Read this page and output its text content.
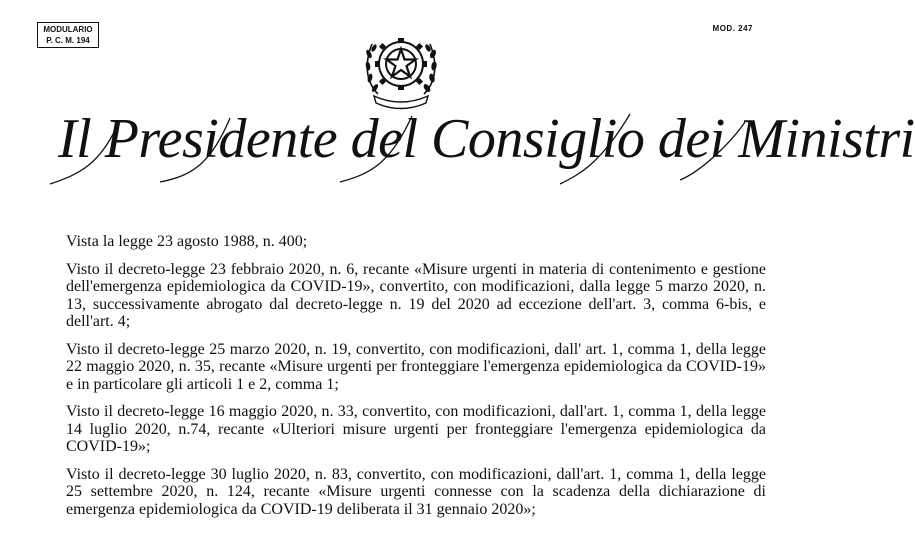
MODULARIO
P. C. M. 194
MOD. 247
Il Presidente del Consiglio dei Ministri

Vista la legge 23 agosto 1988, n. 400;

Visto il decreto-legge 23 febbraio 2020, n. 6, recante «Misure urgenti in materia di contenimento e gestione dell'emergenza epidemiologica da COVID-19», convertito, con modificazioni, dalla legge 5 marzo 2020, n. 13, successivamente abrogato dal decreto-legge n. 19 del 2020 ad eccezione dell'art. 3, comma 6-bis, e dell'art. 4;

Visto il decreto-legge 25 marzo 2020, n. 19, convertito, con modificazioni, dall' art. 1, comma 1, della legge 22 maggio 2020, n. 35, recante «Misure urgenti per fronteggiare l'emergenza epidemiologica da COVID-19» e in particolare gli articoli 1 e 2, comma 1;

Visto il decreto-legge 16 maggio 2020, n. 33, convertito, con modificazioni, dall'art. 1, comma 1, della legge 14 luglio 2020, n.74, recante «Ulteriori misure urgenti per fronteggiare l'emergenza epidemiologica da COVID-19»;

Visto il decreto-legge 30 luglio 2020, n. 83, convertito, con modificazioni, dall'art. 1, comma 1, della legge 25 settembre 2020, n. 124, recante «Misure urgenti connesse con la scadenza della dichiarazione di emergenza epidemiologica da COVID-19 deliberata il 31 gennaio 2020»;
